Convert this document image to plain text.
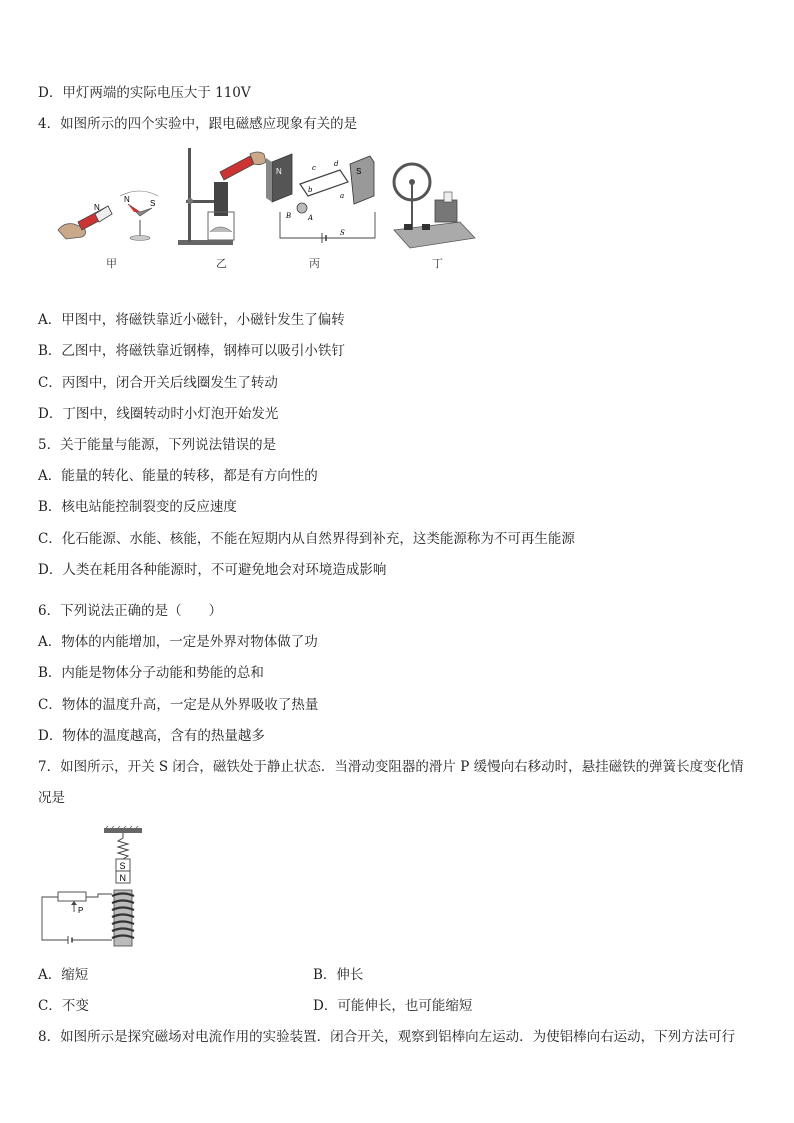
D．甲灯两端的实际电压大于 110V
4．如图所示的四个实验中，跟电磁感应现象有关的是
N
N	S
N	S
c	d
a
b
B A
S
甲	乙	丙	丁
A．甲图中，将磁铁靠近小磁针，小磁针发生了偏转
B．乙图中，将磁铁靠近钢棒，钢棒可以吸引小铁钉
C．丙图中，闭合开关后线圈发生了转动
D．丁图中，线圈转动时小灯泡开始发光
5．关于能量与能源，下列说法错误的是
A．能量的转化、能量的转移，都是有方向性的
B．核电站能控制裂变的反应速度
C．化石能源、水能、核能，不能在短期内从自然界得到补充，这类能源称为不可再生能源
D．人类在耗用各种能源时，不可避免地会对环境造成影响
6．下列说法正确的是（　　）
A．物体的内能增加，一定是外界对物体做了功
B．内能是物体分子动能和势能的总和
C．物体的温度升高，一定是从外界吸收了热量
D．物体的温度越高，含有的热量越多
7．如图所示，开关 S 闭合，磁铁处于静止状态．当滑动变阻器的滑片 P 缓慢向右移动时，悬挂磁铁的弹簧长度变化情
况是
S
N
P
A．缩短	B．伸长
C．不变	D．可能伸长，也可能缩短
8．如图所示是探究磁场对电流作用的实验装置．闭合开关，观察到铝棒向左运动．为使铝棒向右运动，下列方法可行
